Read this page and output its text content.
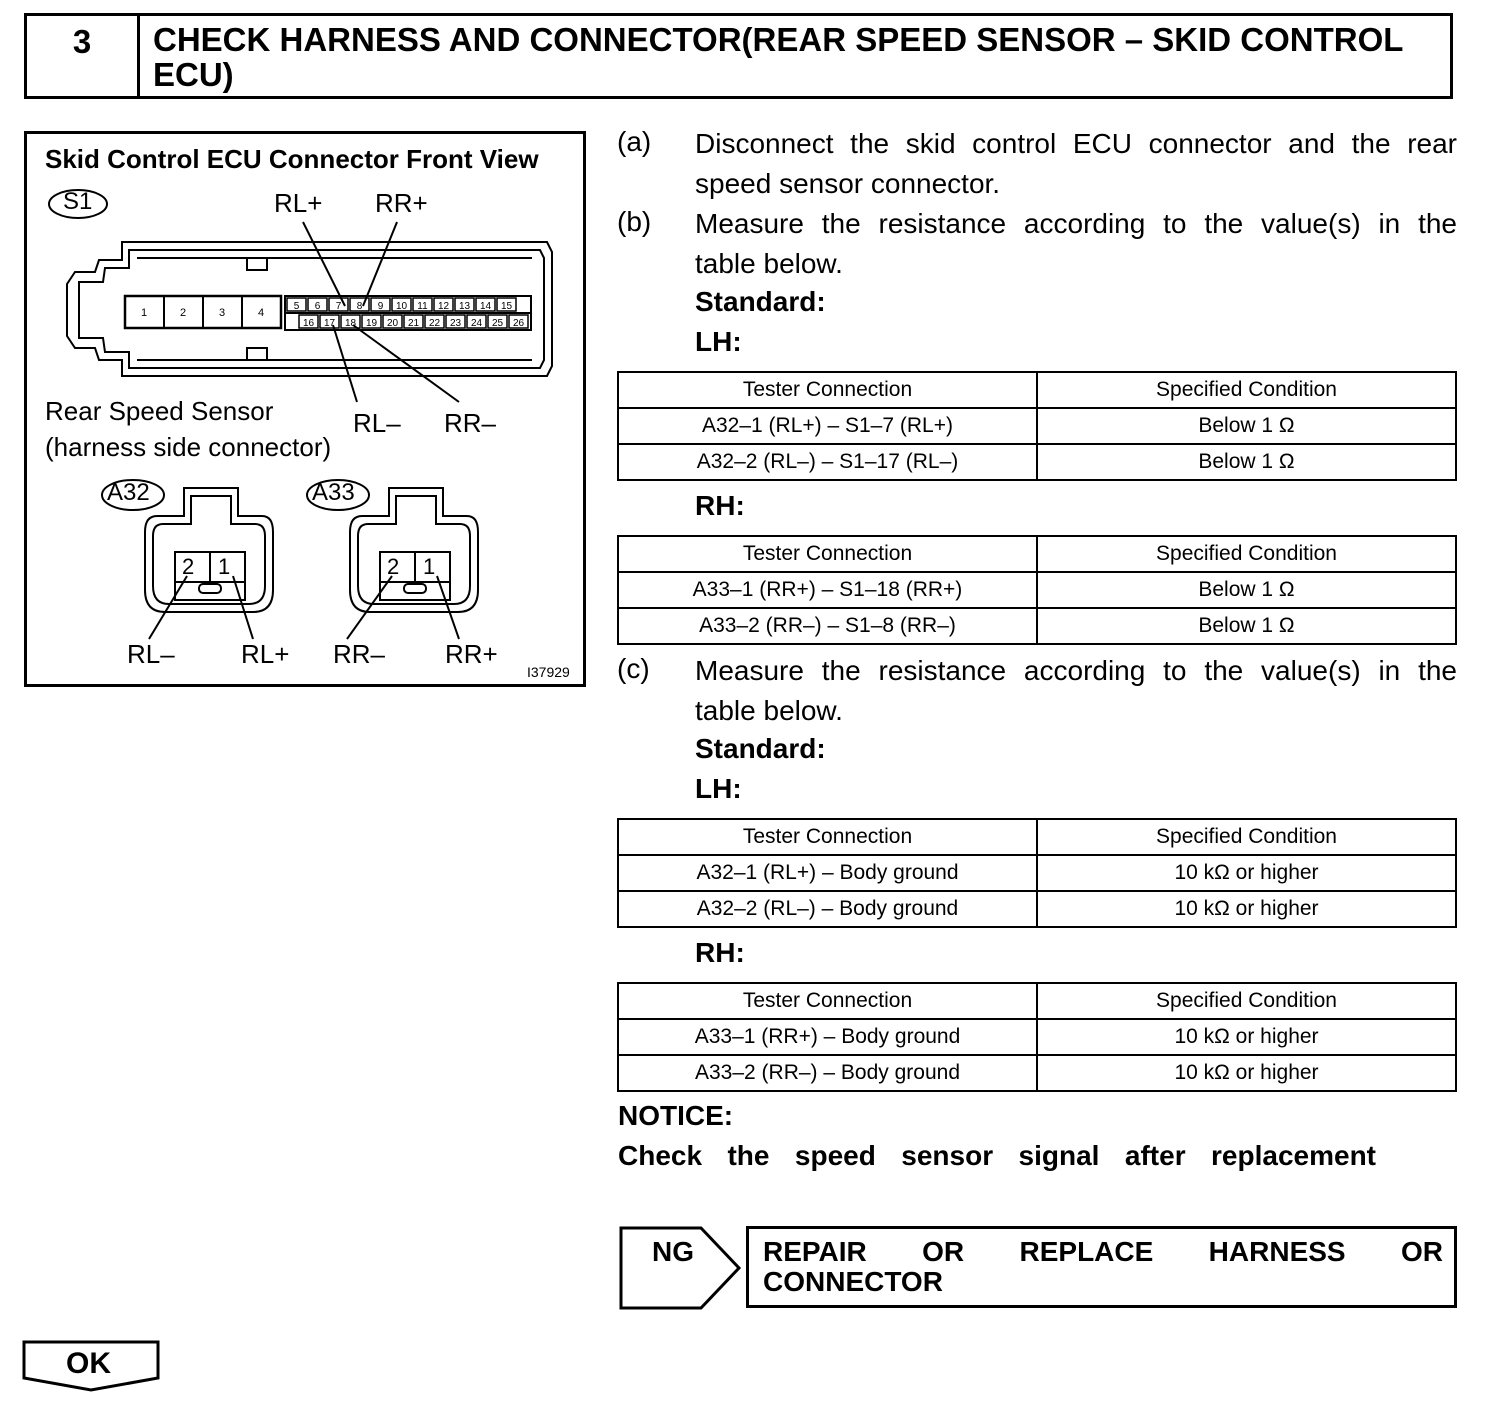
3	CHECK HARNESS AND CONNECTOR(REAR SPEED SENSOR – SKID CONTROL ECU)
1	2	3	4
5 6 7 8 9 10 11 12 13 14 15
16 17 18 19 20 21 22 23 24 25 26
Skid Control ECU Connector Front View
S1	RL+ RR+
RL– RR–
Rear Speed Sensor
(harness side connector)
A32	A33
2 1	2 1
RL–	RL+ RR– RR+
I37929
(a) Disconnect the skid control ECU connector and the rear
speed sensor connector.
(b) Measure the resistance according to the value(s) in the
table below.
Standard:
LH:
Tester Connection	Specified Condition
A32–1 (RL+) – S1–7 (RL+)	Below 1 Ω
A32–2 (RL–) – S1–17 (RL–)	Below 1 Ω
RH:
Tester Connection	Specified Condition
A33–1 (RR+) – S1–18 (RR+)	Below 1 Ω
A33–2 (RR–) – S1–8 (RR–)	Below 1 Ω
(c) Measure the resistance according to the value(s) in the
table below.
Standard:
LH:
Tester Connection	Specified Condition
A32–1 (RL+) – Body ground	10 kΩ or higher
A32–2 (RL–) – Body ground	10 kΩ or higher
RH:
Tester Connection	Specified Condition
A33–1 (RR+) – Body ground	10 kΩ or higher
A33–2 (RR–) – Body ground	10 kΩ or higher
NOTICE:
Check the speed sensor signal after replacement
NG REPAIR OR REPLACE HARNESS OR
CONNECTOR
OK
